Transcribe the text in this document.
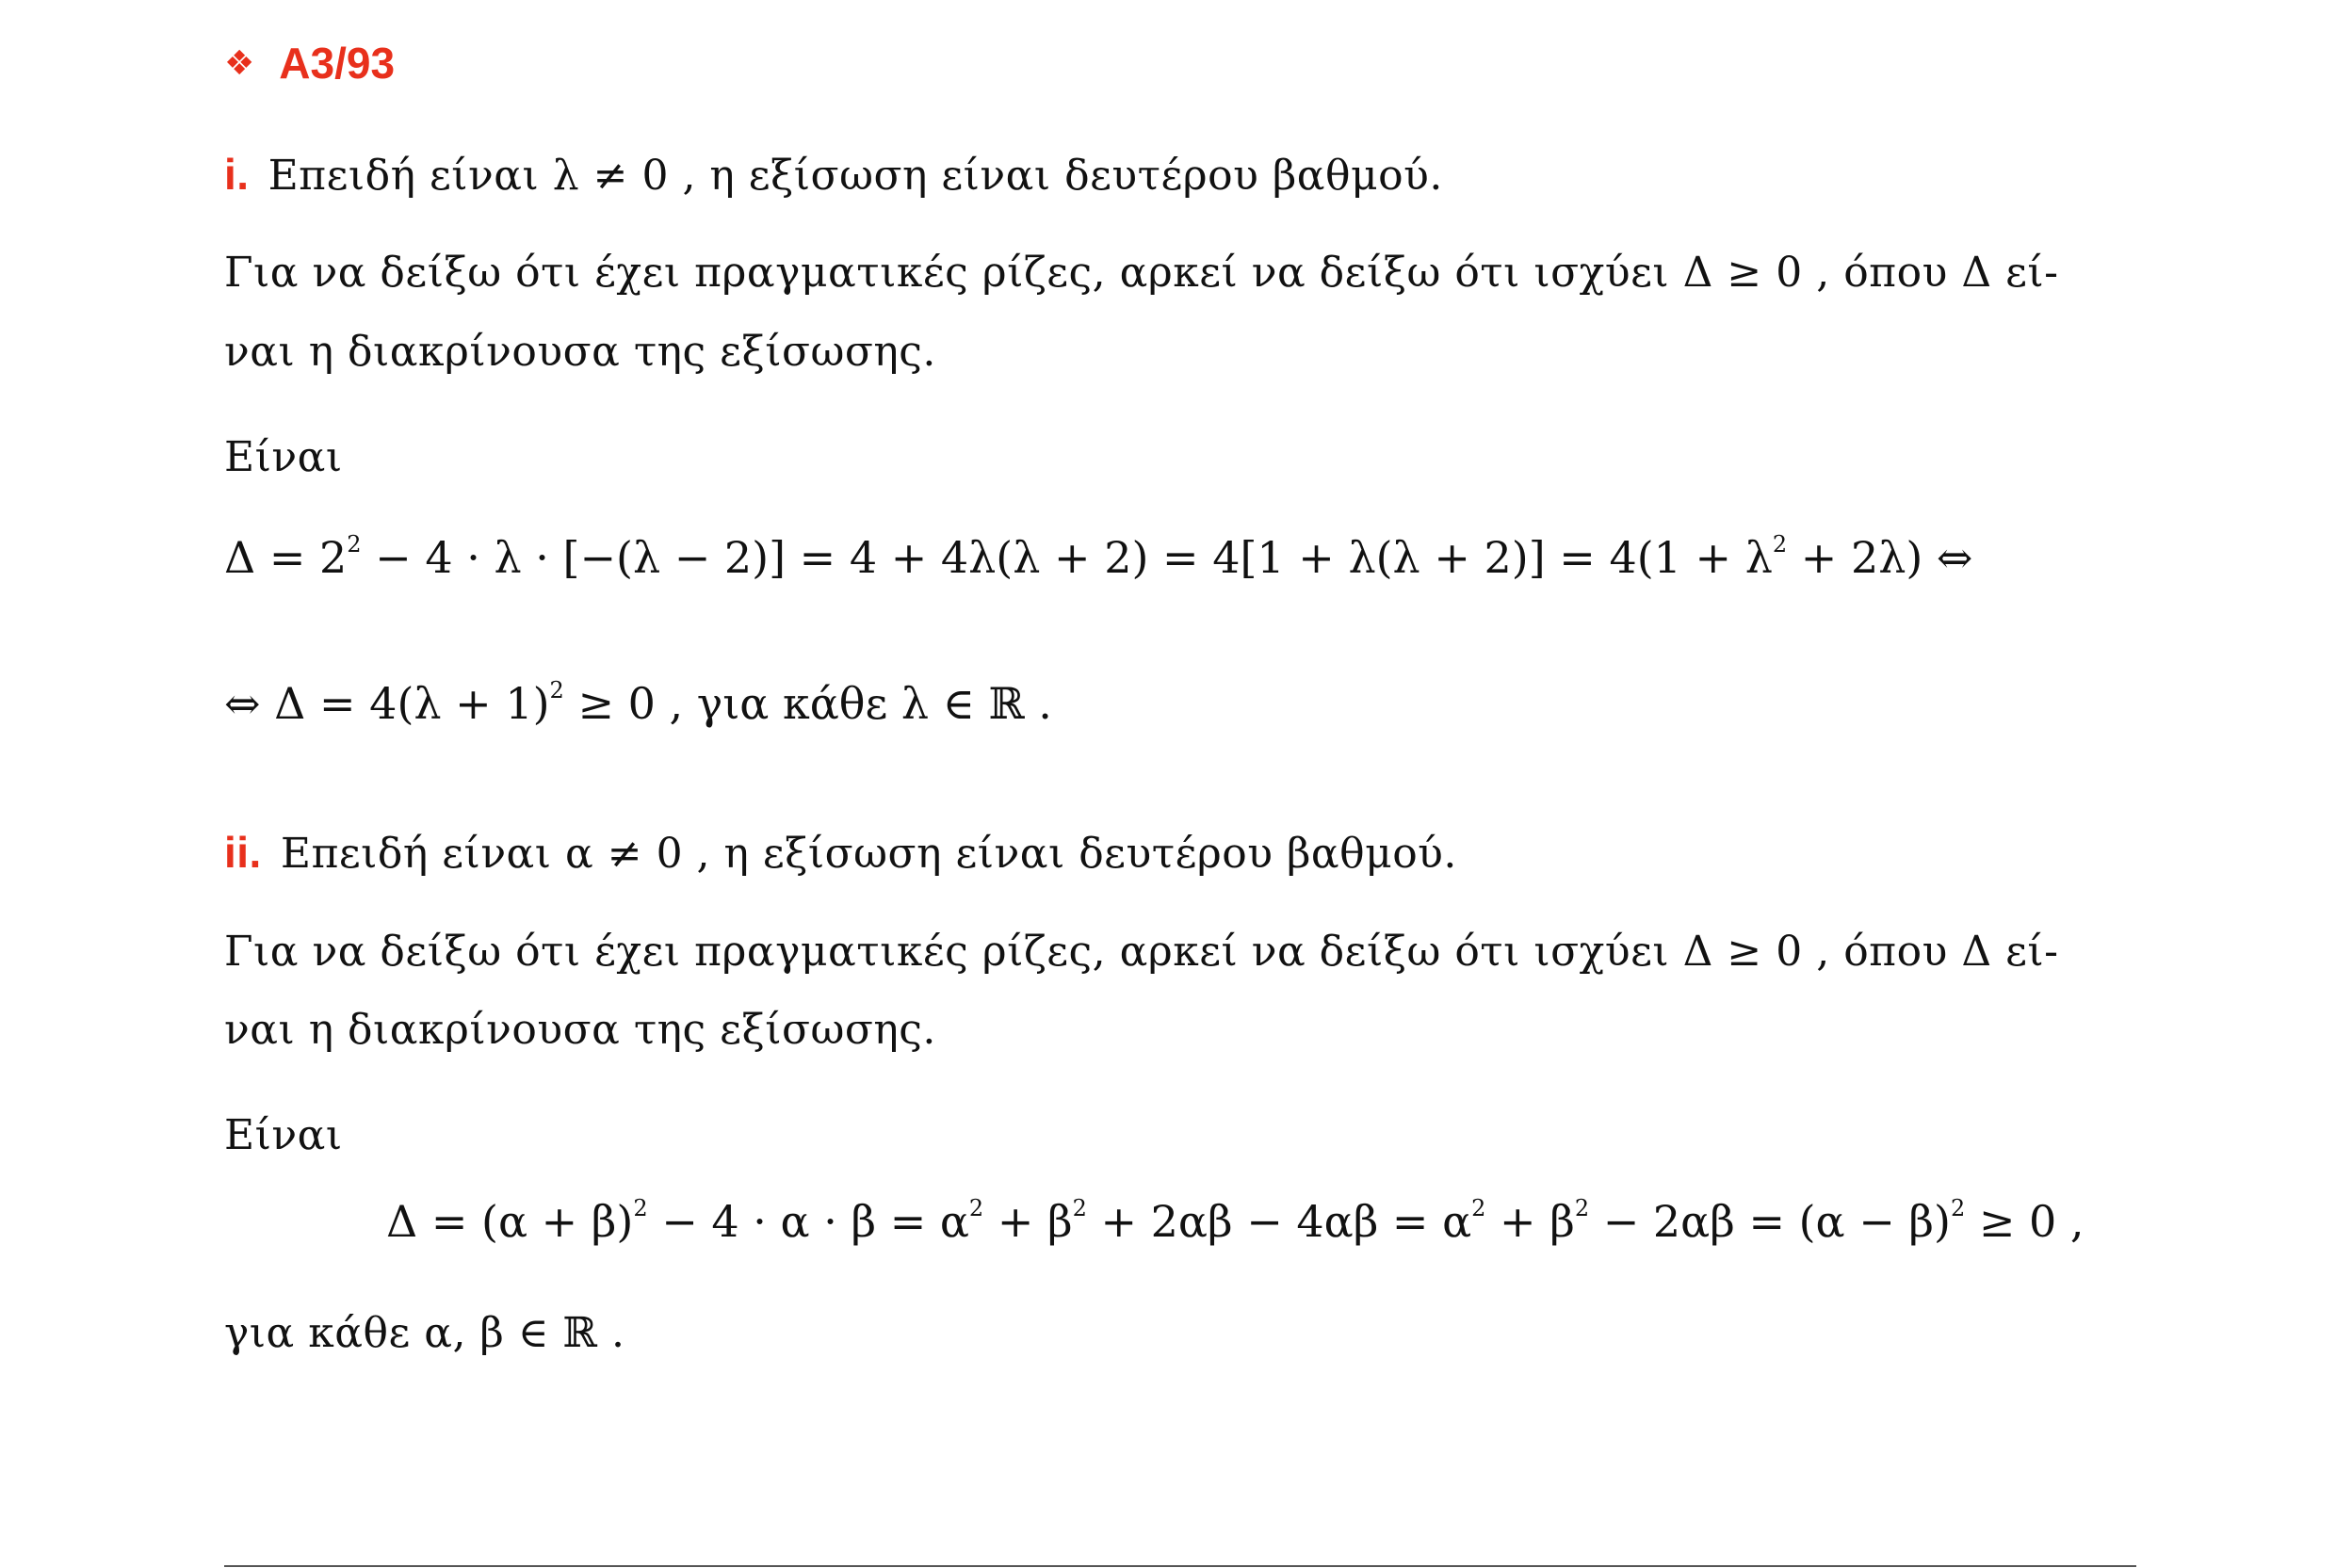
❖ A3/93
i. Επειδή είναι λ ≠ 0 , η εξίσωση είναι δευτέρου βαθμού.
Για να δείξω ότι έχει πραγματικές ρίζες, αρκεί να δείξω ότι ισχύει Δ ≥ 0 , όπου Δ εί-
ναι η διακρίνουσα της εξίσωσης.
Είναι
$\Delta = 2^2 - 4 \cdot \lambda \cdot [-(\lambda - 2)] = 4 + 4\lambda(\lambda + 2) = 4[1 + \lambda(\lambda + 2)] = 4(1 + \lambda^2 + 2\lambda)$ ⇔
⇔ $\Delta = 4(\lambda + 1)^2 \ge 0$ , για κάθε λ ∈ ℝ .
ii. Επειδή είναι α ≠ 0 , η εξίσωση είναι δευτέρου βαθμού.
Για να δείξω ότι έχει πραγματικές ρίζες, αρκεί να δείξω ότι ισχύει Δ ≥ 0 , όπου Δ εί-
ναι η διακρίνουσα της εξίσωσης.
Είναι
$\Delta = (\alpha + \beta)^2 - 4 \cdot \alpha \cdot \beta = \alpha^2 + \beta^2 + 2\alpha\beta - 4\alpha\beta = \alpha^2 + \beta^2 - 2\alpha\beta = (\alpha - \beta)^2 \ge 0$ ,
για κάθε α, β ∈ ℝ .
